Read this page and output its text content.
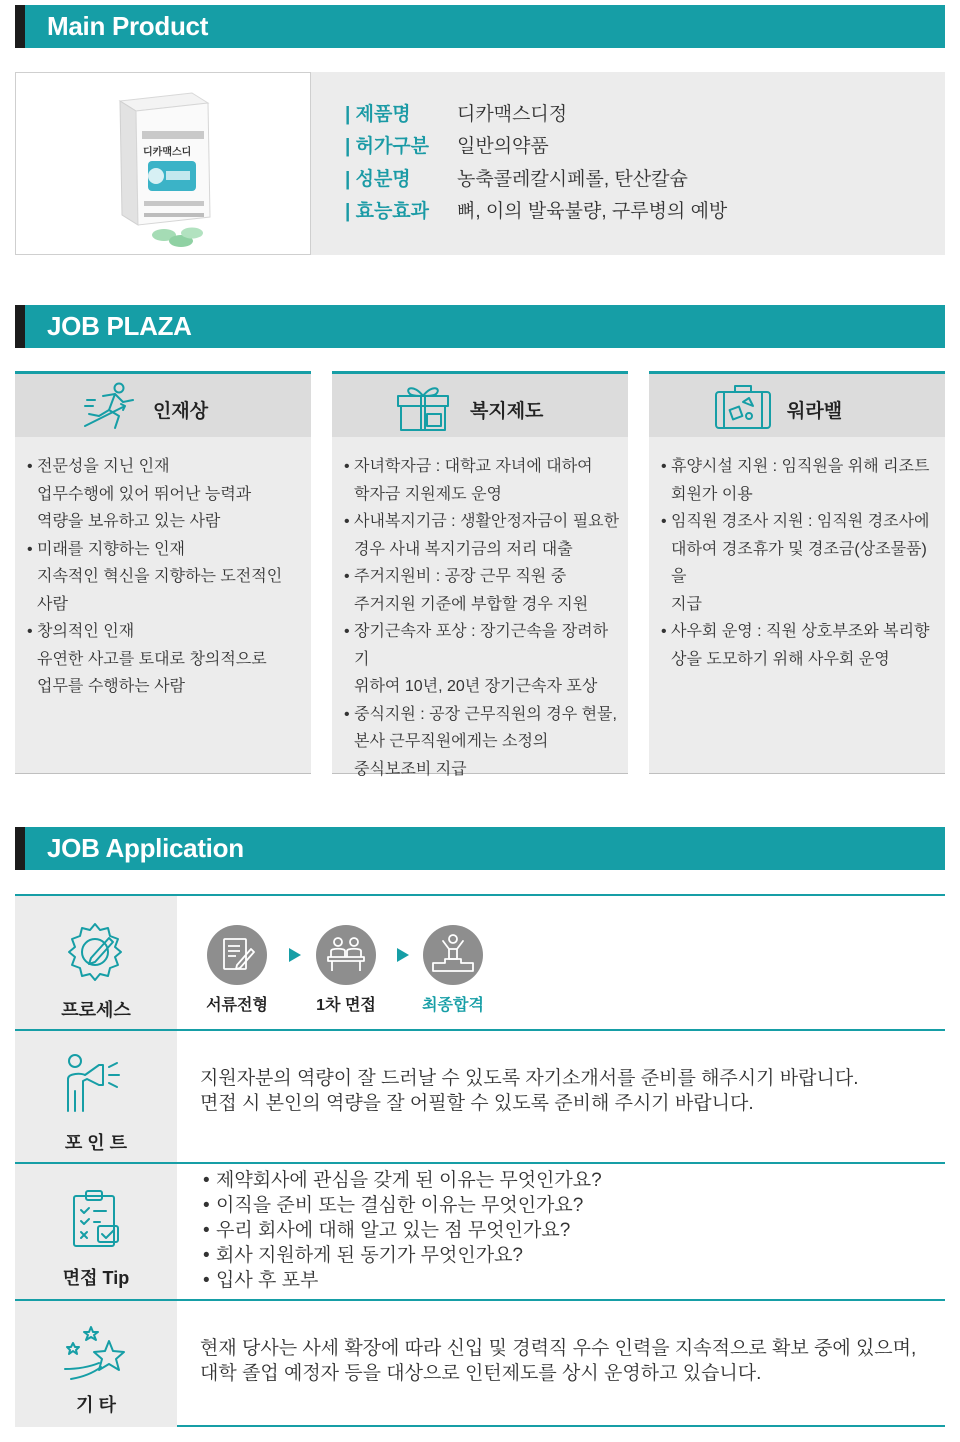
Main Product
디카맥스디
| 제품명	디카맥스디정
| 허가구분	일반의약품
| 성분명	농축콜레칼시페롤, 탄산칼슘
| 효능효과	뼈, 이의 발육불량, 구루병의 예방
JOB PLAZA
인재상
• 전문성을 지닌 인재
업무수행에 있어 뛰어난 능력과
역량을 보유하고 있는 사람
• 미래를 지향하는 인재
지속적인 혁신을 지향하는 도전적인
사람
• 창의적인 인재
유연한 사고를 토대로 창의적으로
업무를 수행하는 사람
복지제도
• 자녀학자금 : 대학교 자녀에 대하여
학자금 지원제도 운영
• 사내복지기금 : 생활안정자금이 필요한
경우 사내 복지기금의 저리 대출
• 주거지원비 : 공장 근무 직원 중
주거지원 기준에 부합할 경우 지원
• 장기근속자 포상 : 장기근속을 장려하기
위하여 10년, 20년 장기근속자 포상
• 중식지원 : 공장 근무직원의 경우 현물,
본사 근무직원에게는 소정의
중식보조비 지급
워라밸
• 휴양시설 지원 : 임직원을 위해 리조트
회원가 이용
• 임직원 경조사 지원 : 임직원 경조사에
대하여 경조휴가 및 경조금(상조물품)을
지급
• 사우회 운영 : 직원 상호부조와 복리향
상을 도모하기 위해 사우회 운영
JOB Application
프로세스	서류전형	1차 면접	최종합격
포 인 트
지원자분의 역량이 잘 드러날 수 있도록 자기소개서를 준비를 해주시기 바랍니다.
면접 시 본인의 역량을 잘 어필할 수 있도록 준비해 주시기 바랍니다.
면접 Tip
• 제약회사에 관심을 갖게 된 이유는 무엇인가요?
• 이직을 준비 또는 결심한 이유는 무엇인가요?
• 우리 회사에 대해 알고 있는 점 무엇인가요?
• 회사 지원하게 된 동기가 무엇인가요?
• 입사 후 포부
기 타
현재 당사는 사세 확장에 따라 신입 및 경력직 우수 인력을 지속적으로 확보 중에 있으며,
대학 졸업 예정자 등을 대상으로 인턴제도를 상시 운영하고 있습니다.
